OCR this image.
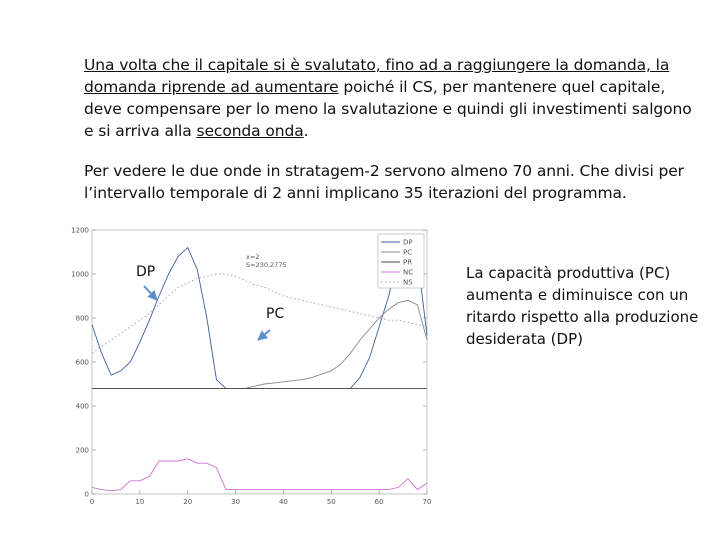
Una volta che il capitale si è svalutato, fino ad a raggiungere la domanda, la domanda riprende ad aumentare poiché il CS, per mantenere quel capitale, deve compensare per lo meno la svalutazione e quindi gli investimenti salgono e si arriva alla seconda onda.
Per vedere le due onde in stratagem-2 servono almeno 70 anni. Che divisi per l’intervallo temporale di 2 anni implicano 35 iterazioni del programma.
0
200
400
600
800
1000
1200
0	10	20	30	40	50	60	70
DP
PC
PR
NC
NS
x=2
S=230,2775
DP
PC
La capacità produttiva (PC) aumenta e diminuisce con un ritardo rispetto alla produzione desiderata (DP)
